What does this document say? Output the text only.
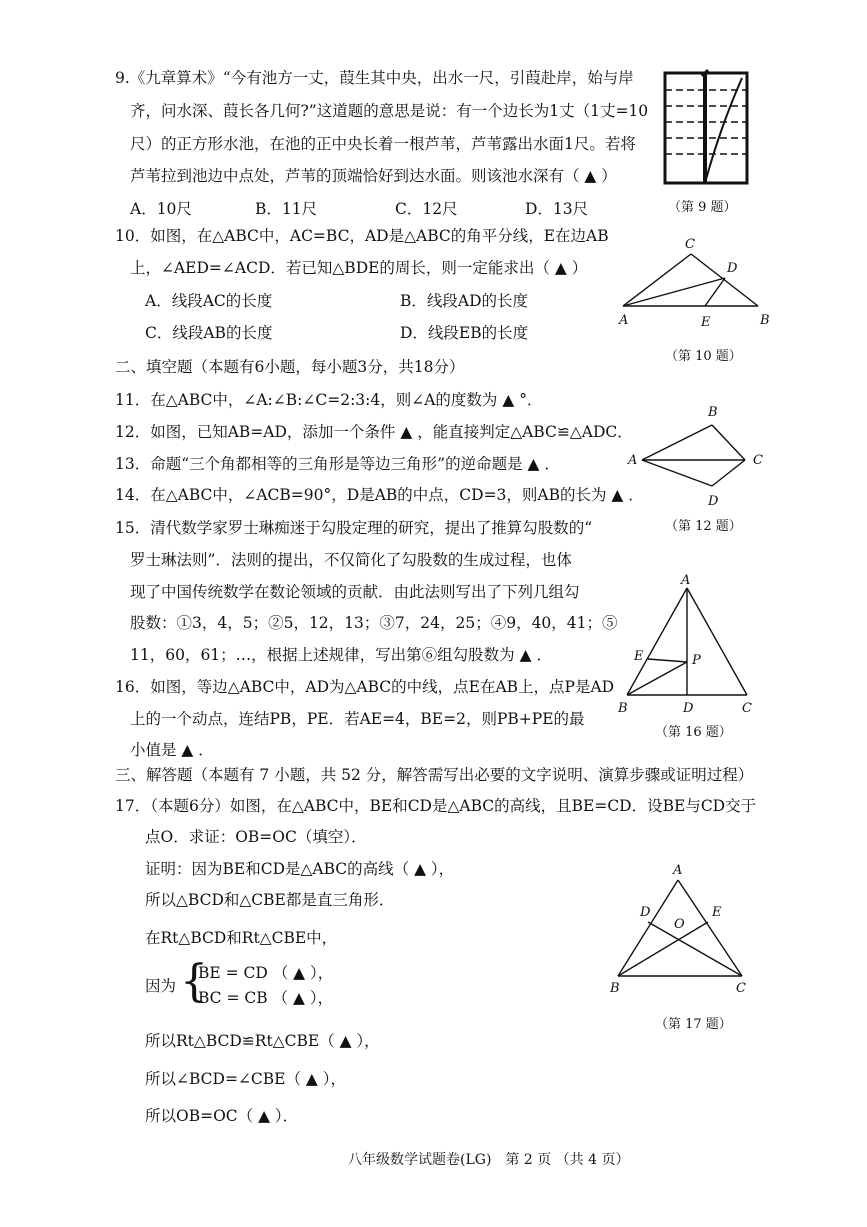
9.《九章算术》“今有池方一丈，葭生其中央，出水一尺，引葭赴岸，始与岸
齐，问水深、葭长各几何?”这道题的意思是说：有一个边长为1丈（1丈=10
尺）的正方形水池，在池的正中央长着一根芦苇，芦苇露出水面1尺。若将
芦苇拉到池边中点处，芦苇的顶端恰好到达水面。则该池水深有（ ▲ ）
A．10尺	B．11尺	C．12尺	D．13尺	（第 9 题）
10．如图，在△ABC中，AC=BC，AD是△ABC的角平分线，E在边AB
上，∠AED=∠ACD．若已知△BDE的周长，则一定能求出（ ▲ ）
A．线段AC的长度	B．线段AD的长度
C．线段AB的长度	D．线段EB的长度
C
D
A	E	B
（第 10 题）
二、填空题（本题有6小题，每小题3分，共18分）
11．在△ABC中，∠A:∠B:∠C=2:3:4，则∠A的度数为 ▲ °．
12．如图，已知AB=AD，添加一个条件 ▲ ，能直接判定△ABC≌△ADC．
13．命题“三个角都相等的三角形是等边三角形”的逆命题是 ▲ ．
14．在△ABC中，∠ACB=90°，D是AB的中点，CD=3，则AB的长为 ▲ ．
B
A	C
D
（第 12 题）
15．清代数学家罗士琳痴迷于勾股定理的研究，提出了推算勾股数的“
罗士琳法则”．法则的提出，不仅简化了勾股数的生成过程，也体
现了中国传统数学在数论领域的贡献．由此法则写出了下列几组勾
股数：①3，4，5；②5，12，13；③7，24，25；④9，40，41；⑤
11，60，61；…，根据上述规律，写出第⑥组勾股数为 ▲ ．
16．如图，等边△ABC中，AD为△ABC的中线，点E在AB上，点P是AD
上的一个动点，连结PB，PE．若AE=4，BE=2，则PB+PE的最
小值是 ▲ ．
A
E	P
B	D	C
（第 16 题）
三、解答题（本题有 7 小题，共 52 分，解答需写出必要的文字说明、演算步骤或证明过程）
17．（本题6分）如图，在△ABC中，BE和CD是△ABC的高线，且BE=CD．设BE与CD交于
点O．求证：OB=OC（填空）．
证明：因为BE和CD是△ABC的高线（ ▲ ），
所以△BCD和△CBE都是直三角形．
在Rt△BCD和Rt△CBE中，
因为 {
BE = CD （ ▲ ），
BC = CB （ ▲ ），
所以Rt△BCD≌Rt△CBE（ ▲ ），
所以∠BCD=∠CBE（ ▲ ），
所以OB=OC（ ▲ ）．
A
D
O
E
B	C
（第 17 题）
八年级数学试题卷(LG)　第 2 页 （共 4 页）
